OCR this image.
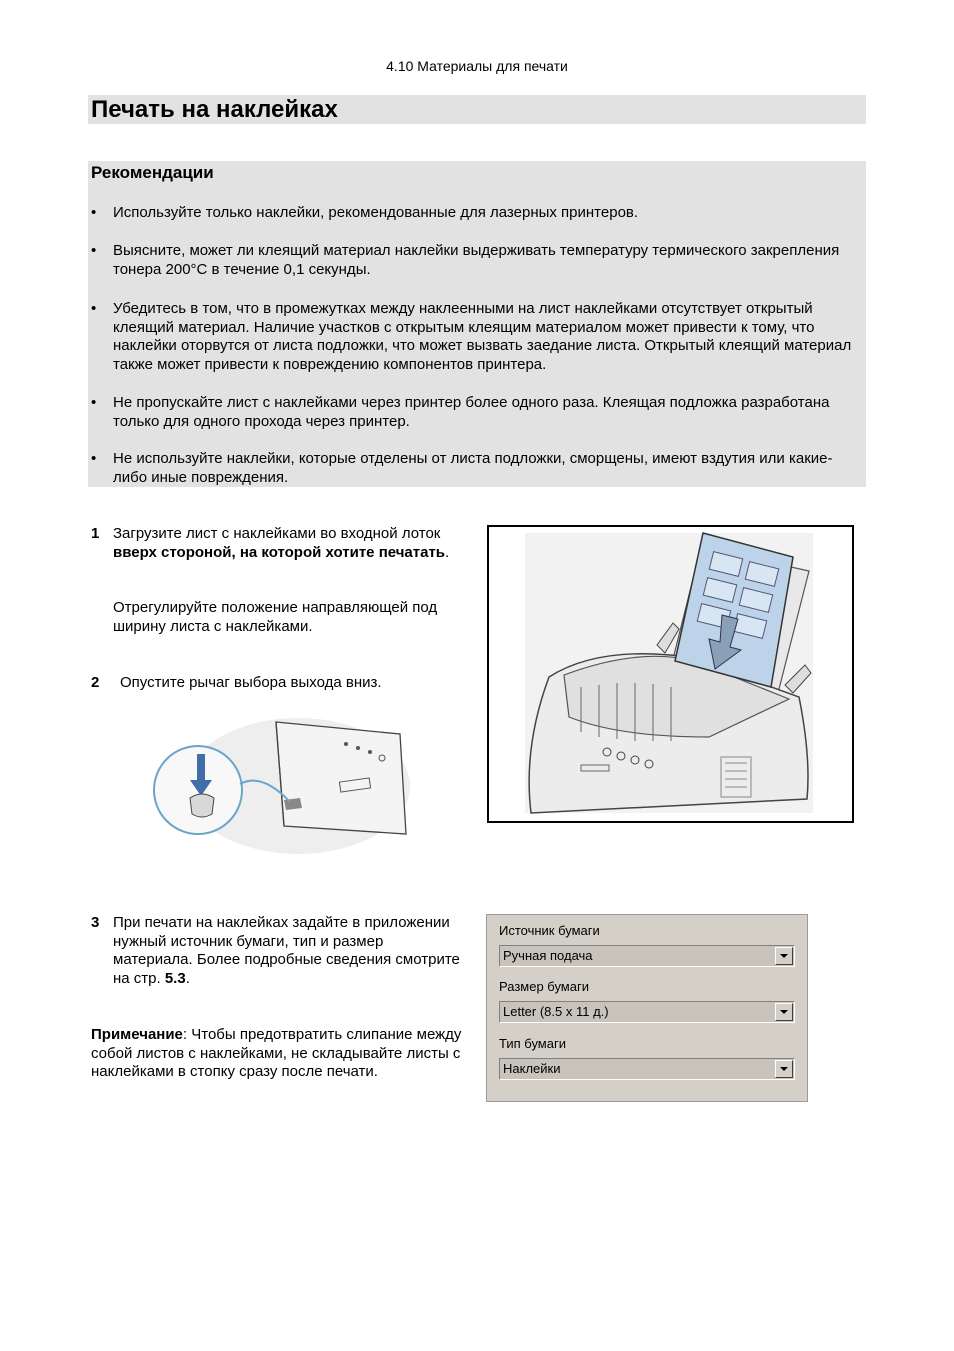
4.10 Материалы для печати
Печать на наклейках
Рекомендации
• Используйте только наклейки, рекомендованные для лазерных принтеров.
• Выясните, может ли клеящий материал наклейки выдерживать температуру термического закрепления тонера 200°С в течение 0,1 секунды.
• Убедитесь в том, что в промежутках между наклеенными на лист наклейками отсутствует открытый клеящий материал. Наличие участков с открытым клеящим материалом может привести к тому, что наклейки оторвутся от листа подложки, что может вызвать заедание листа. Открытый клеящий материал также может привести к повреждению компонентов принтера.
• Не пропускайте лист с наклейками через принтер более одного раза. Клеящая подложка разработана только для одного прохода через принтер.
• Не используйте наклейки, которые отделены от листа подложки, сморщены, имеют вздутия или какие-либо иные повреждения.
1 Загрузите лист с наклейками во входной лоток вверх стороной, на которой хотите печатать.
Отрегулируйте положение направляющей под ширину листа с наклейками.
2 Опустите рычаг выбора выхода вниз.
3 При печати на наклейках задайте в приложении нужный источник бумаги, тип и размер материала. Более подробные сведения смотрите на стр. 5.3.
Примечание: Чтобы предотвратить слипание между собой листов с наклейками, не складывайте листы с наклейками в стопку сразу после печати.
Источник бумаги
Ручная подача
Размер бумаги
Letter (8.5 x 11 д.)
Тип бумаги
Наклейки
